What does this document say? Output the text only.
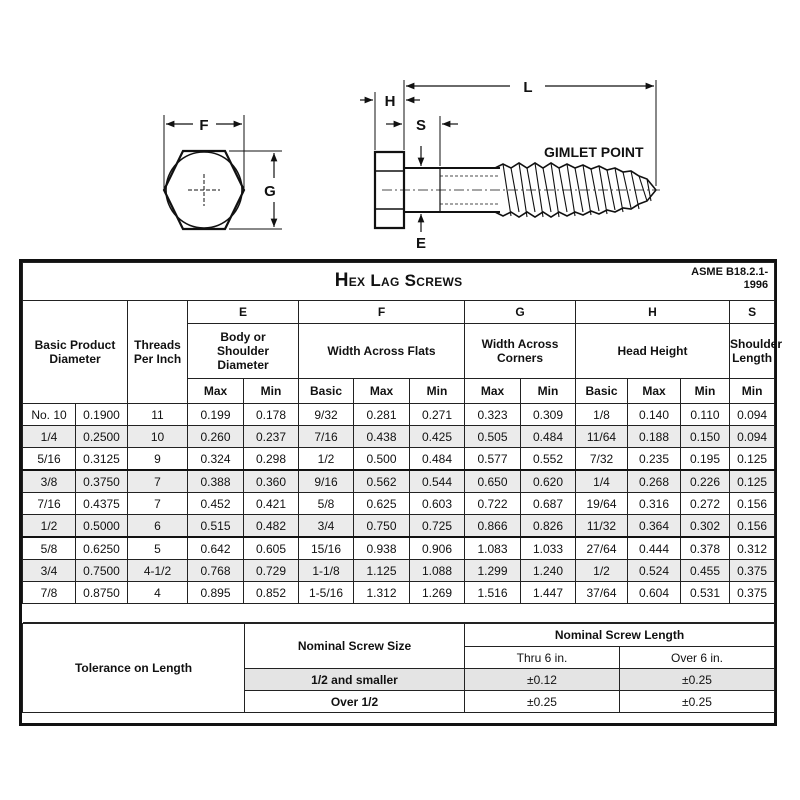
F
G
H
L
S
E
GIMLET POINT
Hex Lag Screws ASME B18.2.1-
1996													

Basic Product Diameter		Threads Per Inch	E		F			G		H			S
			Body or Shoulder Diameter		Width Across Flats			Width Across Corners		Head Height			Shoulder Length
			Max	Min	Basic	Max	Min	Max	Min	Basic	Max	Min	Min
No. 10	0.1900	11	0.199	0.178	9/32	0.281	0.271	0.323	0.309	1/8	0.140	0.110	0.094
1/4	0.2500	10	0.260	0.237	7/16	0.438	0.425	0.505	0.484	11/64	0.188	0.150	0.094
5/16	0.3125	9	0.324	0.298	1/2	0.500	0.484	0.577	0.552	7/32	0.235	0.195	0.125
3/8	0.3750	7	0.388	0.360	9/16	0.562	0.544	0.650	0.620	1/4	0.268	0.226	0.125
7/16	0.4375	7	0.452	0.421	5/8	0.625	0.603	0.722	0.687	19/64	0.316	0.272	0.156
1/2	0.5000	6	0.515	0.482	3/4	0.750	0.725	0.866	0.826	11/32	0.364	0.302	0.156
5/8	0.6250	5	0.642	0.605	15/16	0.938	0.906	1.083	1.033	27/64	0.444	0.378	0.312
3/4	0.7500	4-1/2	0.768	0.729	1-1/8	1.125	1.088	1.299	1.240	1/2	0.524	0.455	0.375
7/8	0.8750	4	0.895	0.852	1-5/16	1.312	1.269	1.516	1.447	37/64	0.604	0.531	0.375

Tolerance on Length	Nominal Screw Size	Nominal Screw Length	
		Thru 6 in.	Over 6 in.
	1/2 and smaller	±0.12	±0.25
	Over 1/2	±0.25	±0.25
